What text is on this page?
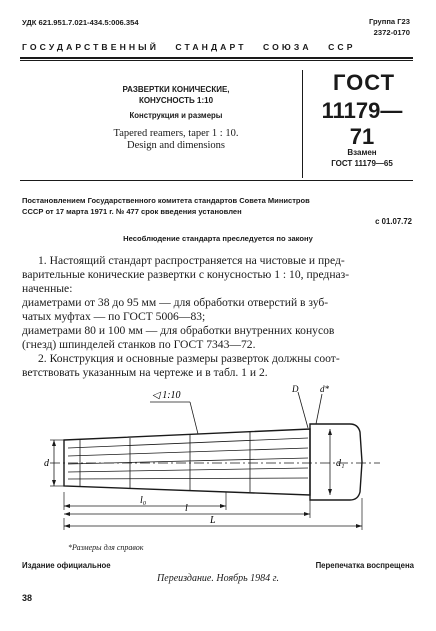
УДК 621.951.7.021-434.5:006.354	Группа Г23
2372-0170
ГОСУДАРСТВЕННЫЙ   СТАНДАРТ   СОЮЗА   ССР
РАЗВЕРТКИ КОНИЧЕСКИЕ,
КОНУСНОСТЬ 1:10
Конструкция и размеры
Tapered reamers, taper 1 : 10.
Design and dimensions
ГОСТ
11179—71
Взамен
ГОСТ 11179—65
Постановлением Государственного комитета стандартов Совета Министров
СССР от 17 марта 1971 г. № 477 срок введения установлен
с 01.07.72
Несоблюдение стандарта преследуется по закону
1. Настоящий стандарт распространяется на чистовые и пред-
варительные конические развертки с конусностью 1 : 10, предназ-
наченные:
диаметрами от 38 до 95 мм — для обработки отверстий в зуб-
чатых муфтах — по ГОСТ 5006—83;
диаметрами 80 и 100 мм — для обработки внутренних конусов
(гнезд) шпинделей станков по ГОСТ 7343—72.
2. Конструкция и основные размеры разверток должны соот-
ветствовать указанным на чертеже и в табл. 1 и 2.
◁ 1:10
D d*
d₁
d
l₀
l
L
*Размеры для справок
Издание официальное	Перепечатка воспрещена
Переиздание. Ноябрь 1984 г.
38
